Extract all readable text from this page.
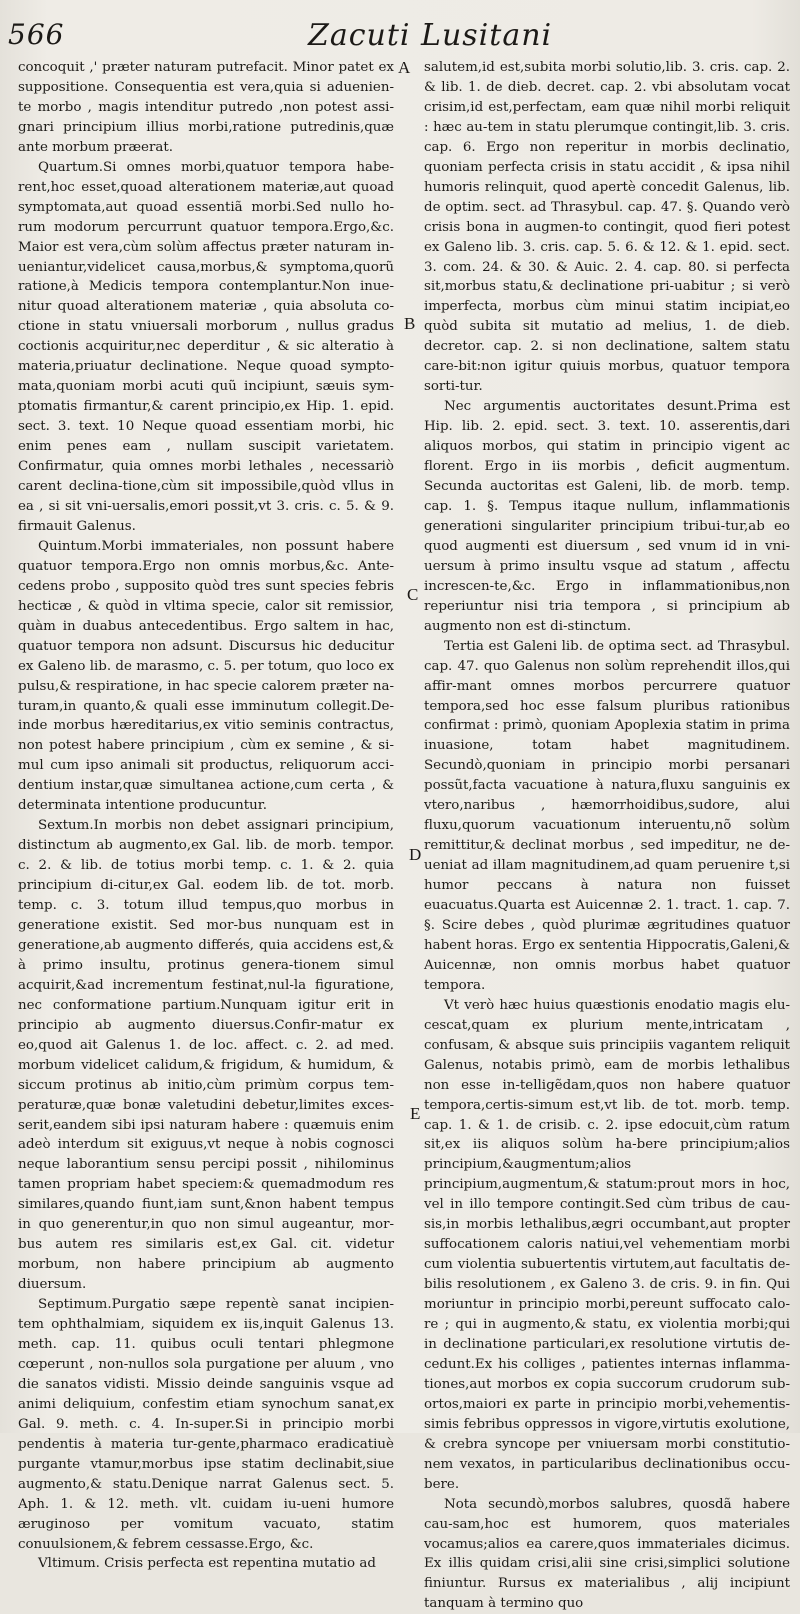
566	Zacuti Lusitani

concoquit ,' præter naturam putrefacit. Minor patet ex suppositione. Consequentia est vera,quia si aduenien-te morbo , magis intenditur putredo ,non potest assi-gnari principium illius morbi,ratione putredinis,quæ ante morbum præerat.

Quartum.Si omnes morbi,quatuor tempora habe-rent,hoc esset,quoad alterationem materiæ,aut quoad symptomata,aut quoad essentiã morbi.Sed nullo ho-rum modorum percurrunt quatuor tempora.Ergo,&c. Maior est vera,cùm solùm affectus præter naturam in-ueniantur,videlicet causa,morbus,& symptoma,quorũ ratione,à Medicis tempora contemplantur.Non inue-nitur quoad alterationem materiæ , quia absoluta co-ctione in statu vniuersali morborum , nullus gradus coctionis acquiritur,nec deperditur , & sic alteratio à materia,priuatur declinatione. Neque quoad sympto-mata,quoniam morbi acuti quũ incipiunt, sæuis sym-ptomatis firmantur,& carent principio,ex Hip. 1. epid. sect. 3. text. 10 Neque quoad essentiam morbi, hic enim penes eam , nullam suscipit varietatem. Confirmatur, quia omnes morbi lethales , necessariò carent declina-tione,cùm sit impossibile,quòd vllus in ea , si sit vni-uersalis,emori possit,vt 3. cris. c. 5. & 9. firmauit Galenus.

Quintum.Morbi immateriales, non possunt habere quatuor tempora.Ergo non omnis morbus,&c. Ante-cedens probo , supposito quòd tres sunt species febris hecticæ , & quòd in vltima specie, calor sit remissior, quàm in duabus antecedentibus. Ergo saltem in hac, quatuor tempora non adsunt. Discursus hic deducitur ex Galeno lib. de marasmo, c. 5. per totum, quo loco ex pulsu,& respiratione, in hac specie calorem præter na-turam,in quanto,& quali esse imminutum collegit.De-inde morbus hæreditarius,ex vitio seminis contractus, non potest habere principium , cùm ex semine , & si-mul cum ipso animali sit productus, reliquorum acci-dentium instar,quæ simultanea actione,cum certa , & determinata intentione producuntur.

Sextum.In morbis non debet assignari principium, distinctum ab augmento,ex Gal. lib. de morb. tempor. c. 2. & lib. de totius morbi temp. c. 1. & 2. quia principium di-citur,ex Gal. eodem lib. de tot. morb. temp. c. 3. totum illud tempus,quo morbus in generatione existit. Sed mor-bus nunquam est in generatione,ab augmento differés, quia accidens est,& à primo insultu, protinus genera-tionem simul acquirit,&ad incrementum festinat,nul-la figuratione, nec conformatione partium.Nunquam igitur erit in principio ab augmento diuersus.Confir-matur ex eo,quod ait Galenus 1. de loc. affect. c. 2. ad med. morbum videlicet calidum,& frigidum, & humidum, & siccum protinus ab initio,cùm primùm corpus tem-peraturæ,quæ bonæ valetudini debetur,limites exces-serit,eandem sibi ipsi naturam habere : quæmuis enim adeò interdum sit exiguus,vt neque à nobis cognosci neque laborantium sensu percipi possit , nihilominus tamen propriam habet speciem:& quemadmodum res similares,quando fiunt,iam sunt,&non habent tempus in quo generentur,in quo non simul augeantur, mor-bus autem res similaris est,ex Gal. cit. videtur morbum, non habere principium ab augmento diuersum.

Septimum.Purgatio sæpe repentè sanat incipien-tem ophthalmiam, siquidem ex iis,inquit Galenus 13. meth. cap. 11. quibus oculi tentari phlegmone cœperunt , non-nullos sola purgatione per aluum , vno die sanatos vidisti. Missio deinde sanguinis vsque ad animi deliquium, confestim etiam synochum sanat,ex Gal. 9. meth. c. 4. In-super.Si in principio morbi pendentis à materia tur-gente,pharmaco eradicatiuè purgante vtamur,morbus ipse statim declinabit,siue augmento,& statu.Denique narrat Galenus sect. 5. Aph. 1. & 12. meth. vlt. cuidam iu-ueni humore æruginoso per vomitum vacuato, statim conuulsionem,& febrem cessasse.Ergo, &c.

Vltimum. Crisis perfecta est repentina mutatio ad

A
B
C
D
E

salutem,id est,subita morbi solutio,lib. 3. cris. cap. 2. & lib. 1. de dieb. decret. cap. 2. vbi absolutam vocat crisim,id est,perfectam, eam quæ nihil morbi reliquit : hæc au-tem in statu plerumque contingit,lib. 3. cris. cap. 6. Ergo non reperitur in morbis declinatio, quoniam perfecta crisis in statu accidit , & ipsa nihil humoris relinquit, quod apertè concedit Galenus, lib. de optim. sect. ad Thrasybul. cap. 47. §. Quando verò crisis bona in augmen-to contingit, quod fieri potest ex Galeno lib. 3. cris. cap. 5. 6. & 12. & 1. epid. sect. 3. com. 24. & 30. & Auic. 2. 4. cap. 80. si perfecta sit,morbus statu,& declinatione pri-uabitur ; si verò imperfecta, morbus cùm minui statim incipiat,eo quòd subita sit mutatio ad melius, 1. de dieb. decretor. cap. 2. si non declinatione, saltem statu care-bit:non igitur quiuis morbus, quatuor tempora sorti-tur.

Nec argumentis auctoritates desunt.Prima est Hip. lib. 2. epid. sect. 3. text. 10. asserentis,dari aliquos morbos, qui statim in principio vigent ac florent. Ergo in iis morbis , deficit augmentum. Secunda auctoritas est Galeni, lib. de morb. temp. cap. 1. §. Tempus itaque nullum, inflammationis generationi singulariter principium tribui-tur,ab eo quod augmenti est diuersum , sed vnum id in vni-uersum à primo insultu vsque ad statum , affectu increscen-te,&c. Ergo in inflammationibus,non reperiuntur nisi tria tempora , si principium ab augmento non est di-stinctum.

Tertia est Galeni lib. de optima sect. ad Thrasybul. cap. 47. quo Galenus non solùm reprehendit illos,qui affir-mant omnes morbos percurrere quatuor tempora,sed hoc esse falsum pluribus rationibus confirmat : primò, quoniam Apoplexia statim in prima inuasione, totam habet magnitudinem. Secundò,quoniam in principio morbi persanari possũt,facta vacuatione à natura,fluxu sanguinis ex vtero,naribus , hæmorrhoidibus,sudore, alui fluxu,quorum vacuationum interuentu,nõ solùm remittitur,& declinat morbus , sed impeditur, ne de-ueniat ad illam magnitudinem,ad quam peruenire t,si humor peccans à natura non fuisset euacuatus.Quarta est Auicennæ 2. 1. tract. 1. cap. 7. §. Scire debes , quòd plurimæ ægritudines quatuor habent horas. Ergo ex sententia Hippocratis,Galeni,& Auicennæ, non omnis morbus habet quatuor tempora.

Vt verò hæc huius quæstionis enodatio magis elu-cescat,quam ex plurium mente,intricatam , confusam, & absque suis principiis vagantem reliquit Galenus, notabis primò, eam de morbis lethalibus non esse in-telligẽdam,quos non habere quatuor tempora,certis-simum est,vt lib. de tot. morb. temp. cap. 1. & 1. de crisib. c. 2. ipse edocuit,cùm ratum sit,ex iis aliquos solùm ha-bere principium;alios principium,&augmentum;alios principium,augmentum,& statum:prout mors in hoc, vel in illo tempore contingit.Sed cùm tribus de cau-sis,in morbis lethalibus,ægri occumbant,aut propter suffocationem caloris natiui,vel vehementiam morbi cum violentia subuertentis virtutem,aut facultatis de-bilis resolutionem , ex Galeno 3. de cris. 9. in fin. Qui moriuntur in principio morbi,pereunt suffocato calo-re ; qui in augmento,& statu, ex violentia morbi;qui in declinatione particulari,ex resolutione virtutis de-cedunt.Ex his colliges , patientes internas inflamma-tiones,aut morbos ex copia succorum crudorum sub-ortos,maiori ex parte in principio morbi,vehementis-simis febribus oppressos in vigore,virtutis exolutione, & crebra syncope per vniuersam morbi constitutio-nem vexatos, in particularibus declinationibus occu-bere.

Nota secundò,morbos salubres, quosdã habere cau-sam,hoc est humorem, quos materiales vocamus;alios ea carere,quos immateriales dicimus. Ex illis quidam crisi,alii sine crisi,simplici solutione finiuntur. Rursus ex materialibus , alij incipiunt tanquam à termino quo
